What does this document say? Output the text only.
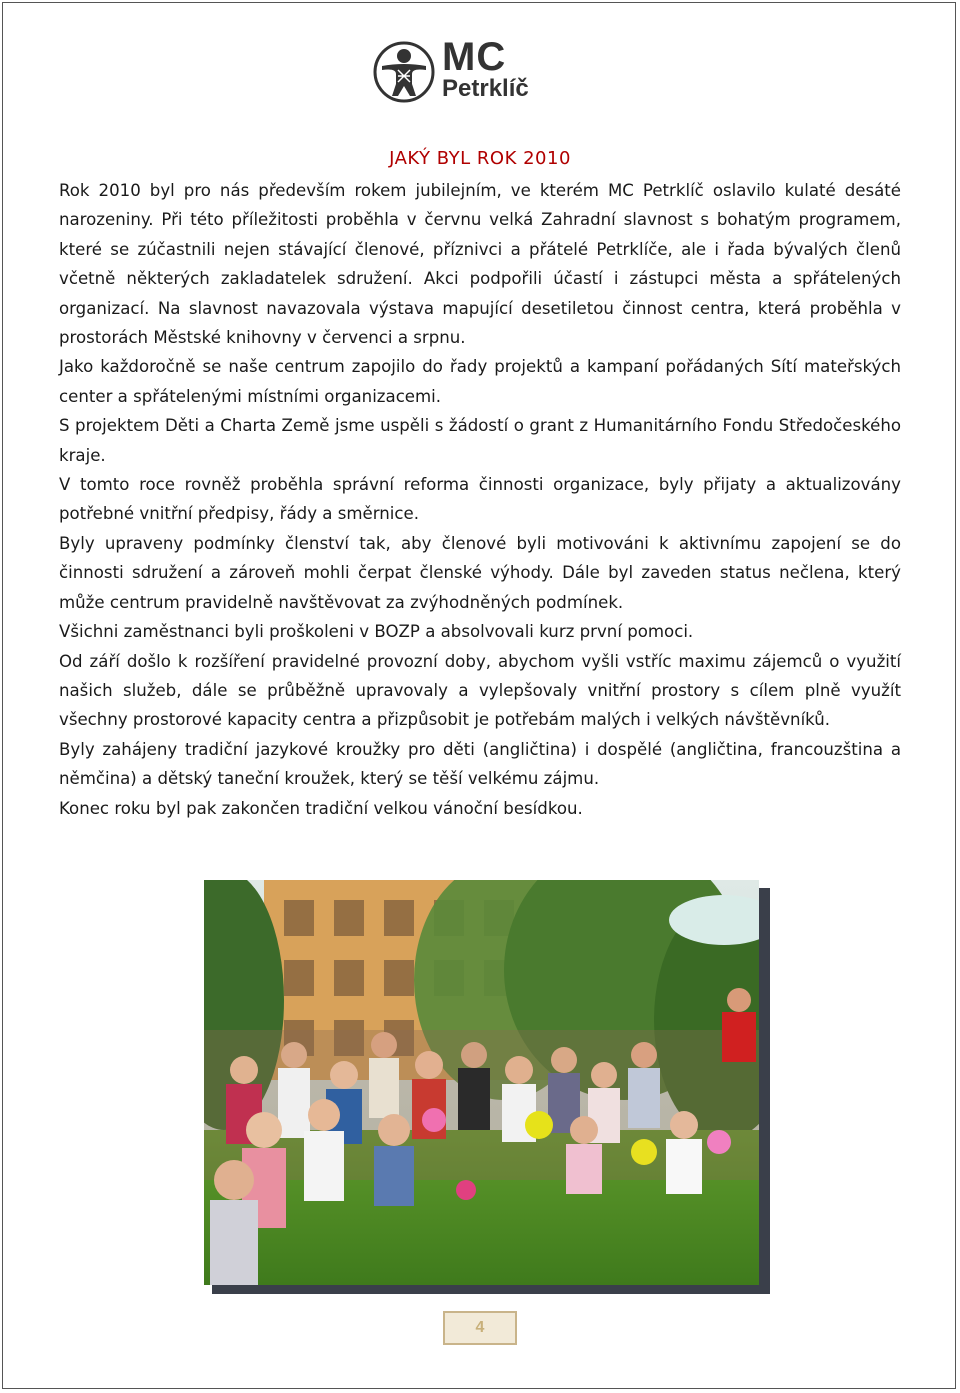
MC
Petrklíč
JAKÝ BYL ROK 2010

Rok 2010 byl pro nás především rokem jubilejním, ve kterém MC Petrklíč oslavilo kulaté desáté narozeniny. Při této příležitosti proběhla v červnu velká Zahradní slavnost s bohatým programem, které se zúčastnili nejen stávající členové, příznivci a přátelé Petrklíče, ale i řada bývalých členů včetně některých zakladatelek sdružení. Akci podpořili účastí i zástupci města a spřátelených organizací. Na slavnost navazovala výstava mapující desetiletou činnost centra, která proběhla v prostorách Městské knihovny v červenci a srpnu.

Jako každoročně se naše centrum zapojilo do řady projektů a kampaní pořádaných Sítí mateřských center a spřátelenými místními organizacemi.

S projektem Děti a Charta Země jsme uspěli s žádostí o grant z Humanitárního Fondu Středočeského kraje.

V tomto roce rovněž proběhla správní reforma činnosti organizace, byly přijaty a aktualizovány potřebné vnitřní předpisy, řády a směrnice.

Byly upraveny podmínky členství tak, aby členové byli motivováni k aktivnímu zapojení se do činnosti sdružení a zároveň mohli čerpat členské výhody. Dále byl zaveden status nečlena, který může centrum pravidelně navštěvovat za zvýhodněných podmínek.

Všichni zaměstnanci byli proškoleni v BOZP a absolvovali kurz první pomoci.

Od září došlo k rozšíření pravidelné provozní doby, abychom vyšli vstříc maximu zájemců o využití našich služeb, dále se průběžně upravovaly a vylepšovaly vnitřní prostory s cílem plně využít všechny prostorové kapacity centra a přizpůsobit je potřebám malých i velkých návštěvníků.

Byly zahájeny tradiční jazykové kroužky pro děti (angličtina) i dospělé (angličtina, francouzština a němčina) a dětský taneční kroužek, který se těší velkému zájmu.

Konec roku byl pak zakončen tradiční velkou vánoční besídkou.

4
